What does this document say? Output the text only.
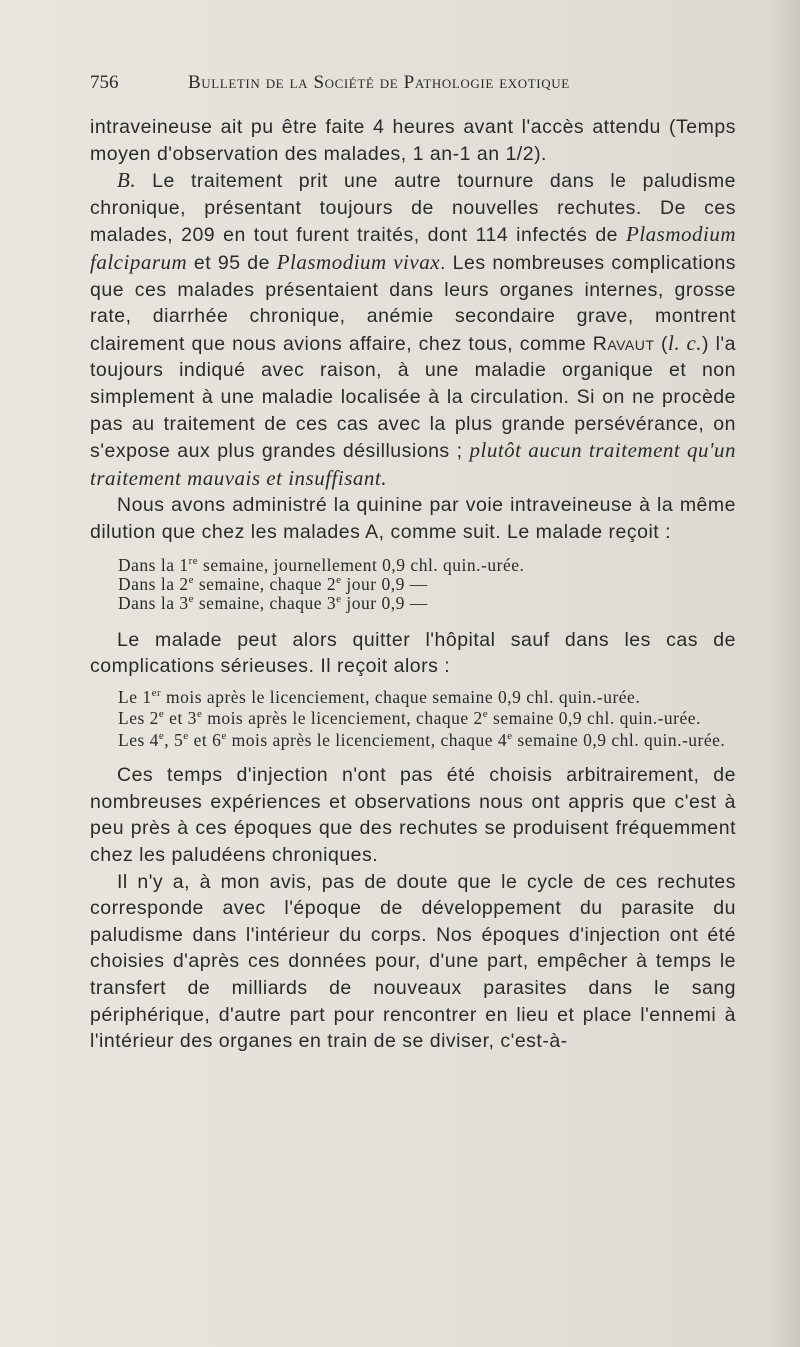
756	Bulletin de la Société de Pathologie exotique

intraveineuse ait pu être faite 4 heures avant l'accès attendu (Temps moyen d'observation des malades, 1 an-1 an 1/2).

B. Le traitement prit une autre tournure dans le paludisme chronique, présentant toujours de nouvelles rechutes. De ces malades, 209 en tout furent traités, dont 114 infectés de Plasmodium falciparum et 95 de Plasmodium vivax. Les nombreuses complications que ces malades présentaient dans leurs organes internes, grosse rate, diarrhée chronique, anémie secondaire grave, montrent clairement que nous avions affaire, chez tous, comme Ravaut (l. c.) l'a toujours indiqué avec raison, à une maladie organique et non simplement à une maladie localisée à la circulation. Si on ne procède pas au traitement de ces cas avec la plus grande persévérance, on s'expose aux plus grandes désillusions ; plutôt aucun traitement qu'un traitement mauvais et insuffisant.

Nous avons administré la quinine par voie intraveineuse à la même dilution que chez les malades A, comme suit. Le malade reçoit :

Dans la 1re semaine, journellement 0,9 chl. quin.-urée.
Dans la 2e semaine, chaque 2e jour 0,9 —
Dans la 3e semaine, chaque 3e jour 0,9 —

Le malade peut alors quitter l'hôpital sauf dans les cas de complications sérieuses. Il reçoit alors :

Le 1er mois après le licenciement, chaque semaine 0,9 chl. quin.-urée.

Les 2e et 3e mois après le licenciement, chaque 2e semaine 0,9 chl. quin.-urée.

Les 4e, 5e et 6e mois après le licenciement, chaque 4e semaine 0,9 chl. quin.-urée.

Ces temps d'injection n'ont pas été choisis arbitrairement, de nombreuses expériences et observations nous ont appris que c'est à peu près à ces époques que des rechutes se produisent fréquemment chez les paludéens chroniques.

Il n'y a, à mon avis, pas de doute que le cycle de ces rechutes corresponde avec l'époque de développement du parasite du paludisme dans l'intérieur du corps. Nos époques d'injection ont été choisies d'après ces données pour, d'une part, empêcher à temps le transfert de milliards de nouveaux parasites dans le sang périphérique, d'autre part pour rencontrer en lieu et place l'ennemi à l'intérieur des organes en train de se diviser, c'est-à-
